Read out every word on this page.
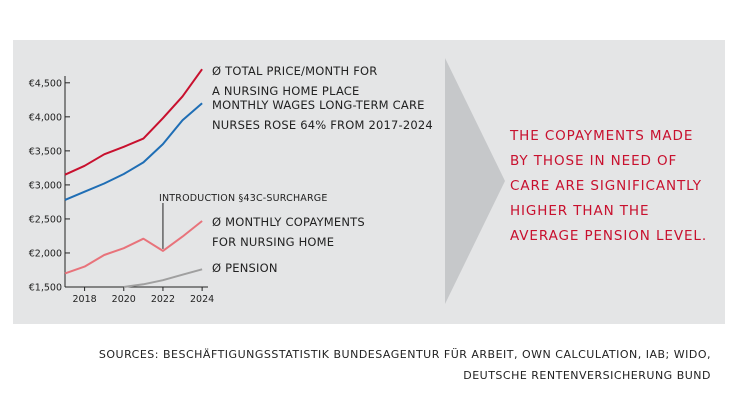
€1,500
€2,000
€2,500
€3,000
€3,500
€4,000
€4,500
2018 2020 2022 2024
Ø TOTAL PRICE/MONTH FOR
A NURSING HOME PLACE
MONTHLY WAGES LONG-TERM CARE
NURSES ROSE 64% FROM 2017-2024
Ø MONTHLY COPAYMENTS
FOR NURSING HOME
Ø PENSION
INTRODUCTION §43C-SURCHARGE
THE COPAYMENTS MADE
BY THOSE IN NEED OF
CARE ARE SIGNIFICANTLY
HIGHER THAN THE
AVERAGE PENSION LEVEL.
SOURCES: BESCHÄFTIGUNGSSTATISTIK BUNDESAGENTUR FÜR ARBEIT, OWN CALCULATION, IAB; WIDO,
DEUTSCHE RENTENVERSICHERUNG BUND
